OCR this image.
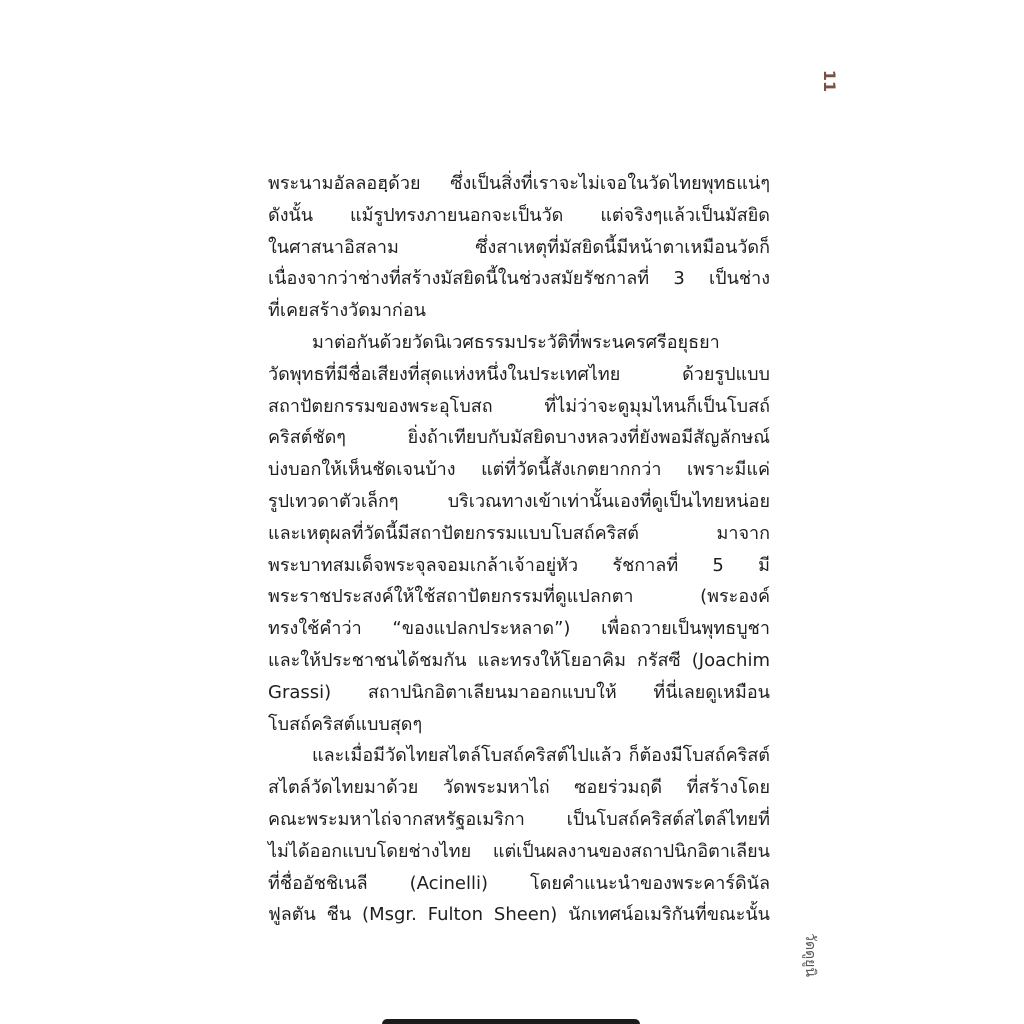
11

พระนามอัลลอฮฺด้วย ซึ่งเป็นสิ่งที่เราจะไม่เจอในวัดไทยพุทธแน่ๆ

ดังนั้น แม้รูปทรงภายนอกจะเป็นวัด แต่จริงๆแล้วเป็นมัสยิด

ในศาสนาอิสลาม ซึ่งสาเหตุที่มัสยิดนี้มีหน้าตาเหมือนวัดก็

เนื่องจากว่าช่างที่สร้างมัสยิดนี้ในช่วงสมัยรัชกาลที่ 3 เป็นช่าง

ที่เคยสร้างวัดมาก่อน

มาต่อกันด้วยวัดนิเวศธรรมประวัติที่พระนครศรีอยุธยา

วัดพุทธที่มีชื่อเสียงที่สุดแห่งหนึ่งในประเทศไทย ด้วยรูปแบบ

สถาปัตยกรรมของพระอุโบสถ ที่ไม่ว่าจะดูมุมไหนก็เป็นโบสถ์

คริสต์ชัดๆ ยิ่งถ้าเทียบกับมัสยิดบางหลวงที่ยังพอมีสัญลักษณ์

บ่งบอกให้เห็นชัดเจนบ้าง แต่ที่วัดนี้สังเกตยากกว่า เพราะมีแค่

รูปเทวดาตัวเล็กๆ บริเวณทางเข้าเท่านั้นเองที่ดูเป็นไทยหน่อย

และเหตุผลที่วัดนี้มีสถาปัตยกรรมแบบโบสถ์คริสต์ มาจาก

พระบาทสมเด็จพระจุลจอมเกล้าเจ้าอยู่หัว รัชกาลที่ 5 มี

พระราชประสงค์ให้ใช้สถาปัตยกรรมที่ดูแปลกตา (พระองค์

ทรงใช้คำว่า “ของแปลกประหลาด”) เพื่อถวายเป็นพุทธบูชา

และให้ประชาชนได้ชมกัน และทรงให้โยอาคิม กรัสซี (Joachim

Grassi) สถาปนิกอิตาเลียนมาออกแบบให้ ที่นี่เลยดูเหมือน

โบสถ์คริสต์แบบสุดๆ

และเมื่อมีวัดไทยสไตล์โบสถ์คริสต์ไปแล้ว ก็ต้องมีโบสถ์คริสต์

สไตล์วัดไทยมาด้วย วัดพระมหาไถ่ ซอยร่วมฤดี ที่สร้างโดย

คณะพระมหาไถ่จากสหรัฐอเมริกา เป็นโบสถ์คริสต์สไตล์ไทยที่

ไม่ได้ออกแบบโดยช่างไทย แต่เป็นผลงานของสถาปนิกอิตาเลียน

ที่ชื่ออัชชิเนลี (Acinelli) โดยคำแนะนำของพระคาร์ดินัล

ฟูลตัน ชีน (Msgr. Fulton Sheen) นักเทศน์อเมริกันที่ขณะนั้น

วัดดูยูนิ
